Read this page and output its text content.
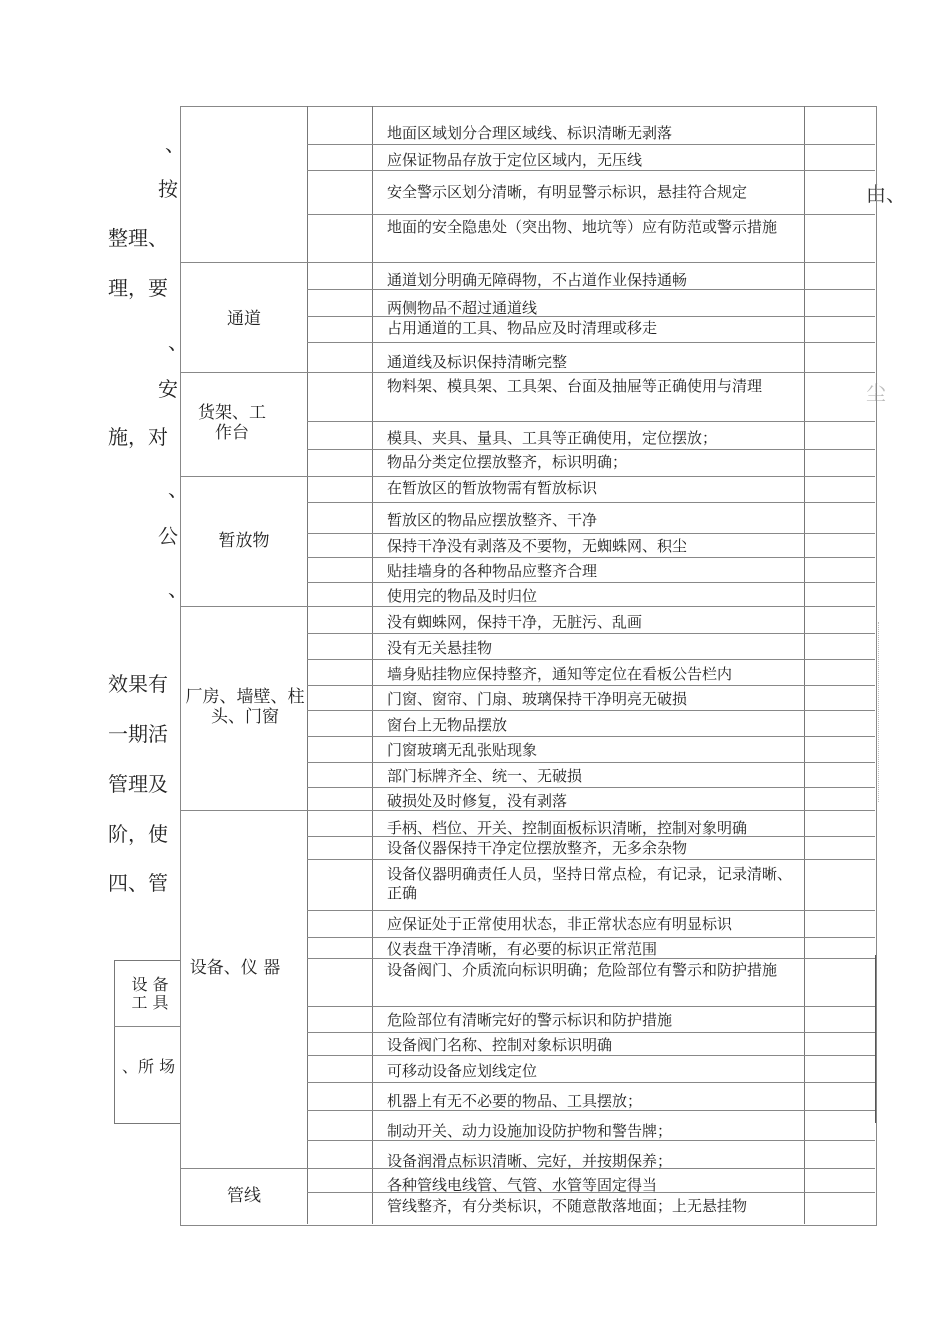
、
按
整理、
理，要
、
安
施，对
、
公
、
效果有
一期活
管理及
阶，使
四、管
由、
尘
设 备工 具
、所 场
通道
货架、工作台
暂放物
厂房、墙壁、柱头、门窗
设备、仪 器
管线
地面区域划分合理区域线、标识清晰无剥落
应保证物品存放于定位区域内，无压线
安全警示区划分清晰，有明显警示标识，悬挂符合规定
地面的安全隐患处（突出物、地坑等）应有防范或警示措施
通道划分明确无障碍物，不占道作业保持通畅
两侧物品不超过通道线
占用通道的工具、物品应及时清理或移走
通道线及标识保持清晰完整
物料架、模具架、工具架、台面及抽屉等正确使用与清理
模具、夹具、量具、工具等正确使用，定位摆放；
物品分类定位摆放整齐，标识明确；
在暂放区的暂放物需有暂放标识
暂放区的物品应摆放整齐、干净
保持干净没有剥落及不要物，无蜘蛛网、积尘
贴挂墙身的各种物品应整齐合理
使用完的物品及时归位
没有蜘蛛网，保持干净，无脏污、乱画
没有无关悬挂物
墙身贴挂物应保持整齐，通知等定位在看板公告栏内
门窗、窗帘、门扇、玻璃保持干净明亮无破损
窗台上无物品摆放
门窗玻璃无乱张贴现象
部门标牌齐全、统一、无破损
破损处及时修复，没有剥落
手柄、档位、开关、控制面板标识清晰，控制对象明确
设备仪器保持干净定位摆放整齐，无多余杂物
设备仪器明确责任人员，坚持日常点检，有记录，记录清晰、正确
应保证处于正常使用状态，非正常状态应有明显标识
仪表盘干净清晰，有必要的标识正常范围
设备阀门、介质流向标识明确；危险部位有警示和防护措施
危险部位有清晰完好的警示标识和防护措施
设备阀门名称、控制对象标识明确
可移动设备应划线定位
机器上有无不必要的物品、工具摆放；
制动开关、动力设施加设防护物和警告牌；
设备润滑点标识清晰、完好，并按期保养；
各种管线电线管、气管、水管等固定得当
管线整齐，有分类标识，不随意散落地面；上无悬挂物
